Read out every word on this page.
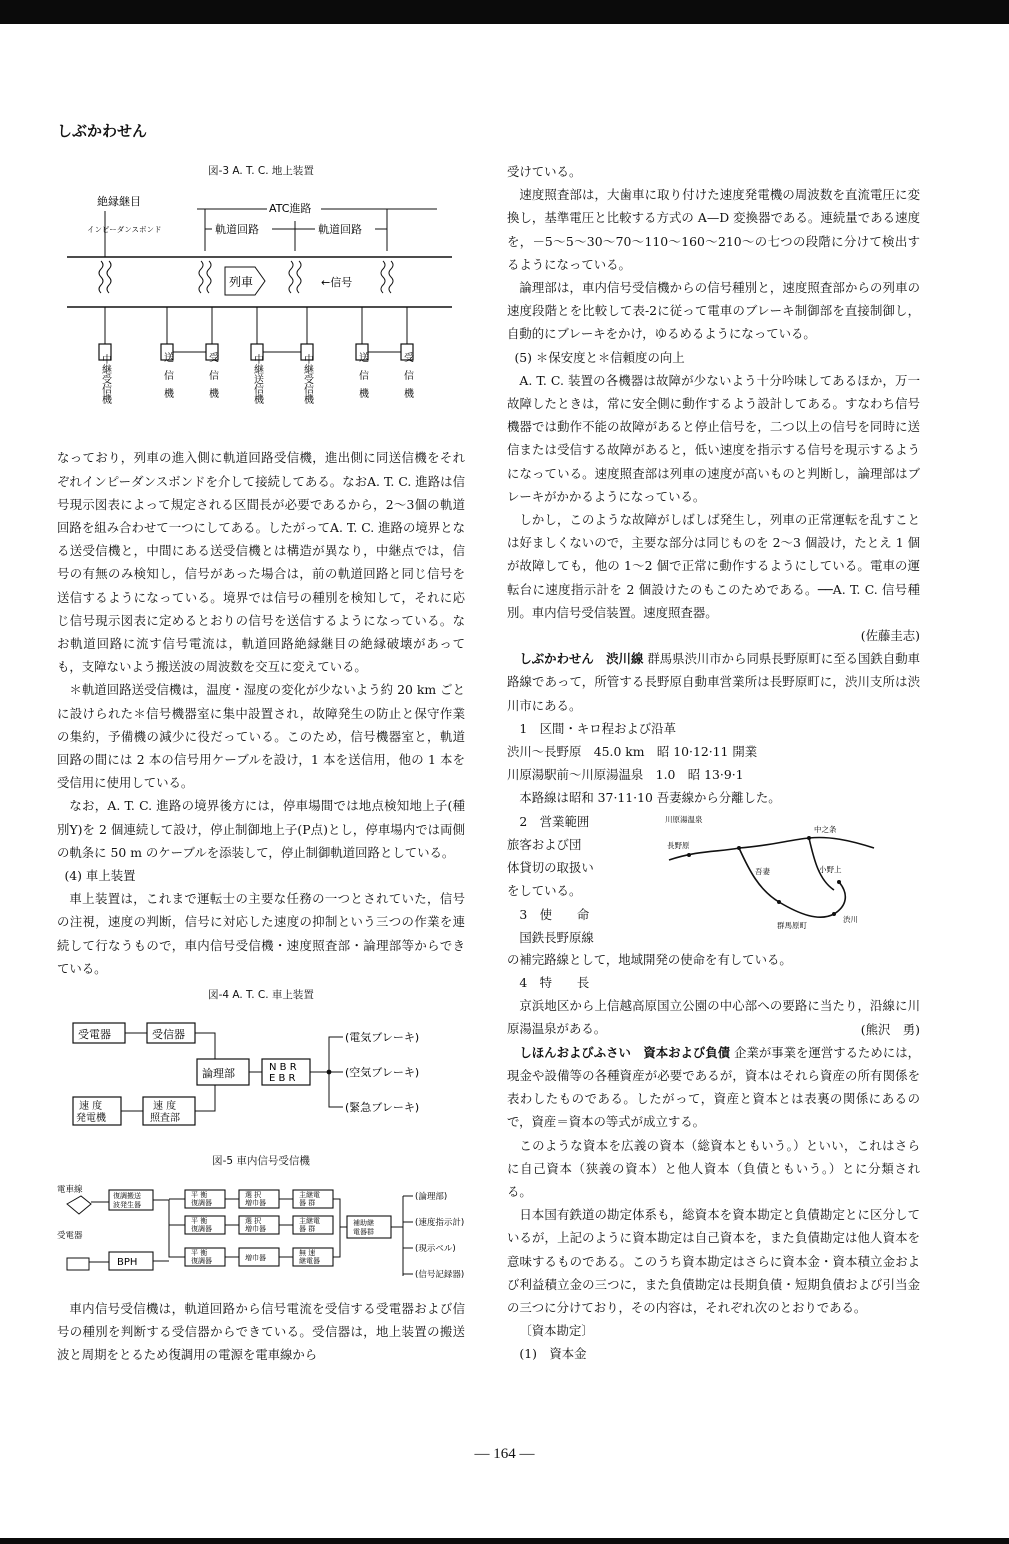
しぶかわせん
図-3 A. T. C. 地上装置
絶縁継目
インピーダンスボンド
ATC進路
軌道回路	軌道回路
列車	←信号
中継受信機	送信機	受信機	中継送信機	中継受信機	送信機	受信機

なっており，列車の進入側に軌道回路受信機，進出側に同送信機をそれぞれインピーダンスボンドを介して接続してある。なおA. T. C. 進路は信号現示図表によって規定される区間長が必要であるから，2～3個の軌道回路を組み合わせて一つにしてある。したがってA. T. C. 進路の境界となる送受信機と，中間にある送受信機とは構造が異なり，中継点では，信号の有無のみ検知し，信号があった場合は，前の軌道回路と同じ信号を送信するようになっている。境界では信号の種別を検知して，それに応じ信号現示図表に定めるとおりの信号を送信するようになっている。なお軌道回路に流す信号電流は，軌道回路絶縁継目の絶縁破壊があっても，支障ないよう搬送波の周波数を交互に変えている。

＊軌道回路送受信機は，温度・湿度の変化が少ないよう約 20 km ごとに設けられた＊信号機器室に集中設置され，故障発生の防止と保守作業の集約，予備機の減少に役だっている。このため，信号機器室と，軌道回路の間には 2 本の信号用ケーブルを設け，1 本を送信用，他の 1 本を受信用に使用している。

なお，A. T. C. 進路の境界後方には，停車場間では地点検知地上子(種別Y)を 2 個連続して設け，停止制御地上子(P点)とし，停車場内では両側の軌条に 50 m のケーブルを添装して，停止制御軌道回路としている。

(4) 車上装置

車上装置は，これまで運転士の主要な任務の一つとされていた，信号の注視，速度の判断，信号に対応した速度の抑制という三つの作業を連続して行なうもので，車内信号受信機・速度照査部・論理部等からできている。

図-4 A. T. C. 車上装置
受電器	受信器
論理部	N B R
E B R
速 度
発電機
速 度
照査部
(電気ブレーキ)
(空気ブレーキ)
(緊急ブレーキ)
図-5 車内信号受信機
電車線
受電器
復調搬送
波発生器
平 衡
復調器
平 衡
復調器
平 衡
復調器
選 択
増巾器
選 択
増巾器
増巾器
主継電
器 群
主継電
器 群
無 速
継電器
補助継
電器群
BPH
(論理部)
(速度指示計)
(現示ベル)
(信号記録器)

車内信号受信機は，軌道回路から信号電流を受信する受電器および信号の種別を判断する受信器からできている。受信器は，地上装置の搬送波と周期をとるため復調用の電源を電車線から

受けている。

速度照査部は，大歯車に取り付けた速度発電機の周波数を直流電圧に変換し，基準電圧と比較する方式の A—D 変換器である。連続量である速度を，－5～5～30～70～110～160～210～の七つの段階に分けて検出するようになっている。

論理部は，車内信号受信機からの信号種別と，速度照査部からの列車の速度段階とを比較して表-2に従って電車のブレーキ制御部を直接制御し，自動的にブレーキをかけ，ゆるめるようになっている。

(5) ＊保安度と＊信頼度の向上

A. T. C. 装置の各機器は故障が少ないよう十分吟味してあるほか，万一故障したときは，常に安全側に動作するよう設計してある。すなわち信号機器では動作不能の故障があると停止信号を，二つ以上の信号を同時に送信または受信する故障があると，低い速度を指示する信号を現示するようになっている。速度照査部は列車の速度が高いものと判断し，論理部はブレーキがかかるようになっている。

しかし，このような故障がしばしば発生し，列車の正常運転を乱すことは好ましくないので，主要な部分は同じものを 2～3 個設け，たとえ 1 個が故障しても，他の 1～2 個で正常に動作するようにしている。電車の運転台に速度指示計を 2 個設けたのもこのためである。──A. T. C. 信号種別。車内信号受信装置。速度照査器。

(佐藤圭志)

しぶかわせん　渋川線 群馬県渋川市から同県長野原町に至る国鉄自動車路線であって，所管する長野原自動車営業所は長野原町に，渋川支所は渋川市にある。

1　区間・キロ程および沿革

渋川～長野原　45.0 km　昭 10·12·11 開業

川原湯駅前～川原湯温泉　1.0　昭 13·9·1

本路線は昭和 37·11·10 吾妻線から分離した。

2　営業範囲

旅客および団

体貸切の取扱い

をしている。

3　使　　命

国鉄長野原線

長野原
中之条
渋川
小野上
吾妻
群馬原町
川原湯温泉

の補完路線として，地域開発の使命を有している。

4　特　　長

京浜地区から上信越高原国立公園の中心部への要路に当たり，沿線に川原湯温泉がある。	(熊沢　勇)

しほんおよびふさい　資本および負債 企業が事業を運営するためには，現金や設備等の各種資産が必要であるが，資本はそれら資産の所有関係を表わしたものである。したがって，資産と資本とは表裏の関係にあるので，資産＝資本の等式が成立する。

このような資本を広義の資本（総資本ともいう。）といい，これはさらに自己資本（狭義の資本）と他人資本（負債ともいう。）とに分類される。

日本国有鉄道の勘定体系も，総資本を資本勘定と負債勘定とに区分しているが，上記のように資本勘定は自己資本を，また負債勘定は他人資本を意味するものである。このうち資本勘定はさらに資本金・資本積立金および利益積立金の三つに，また負債勘定は長期負債・短期負債および引当金の三つに分けており，その内容は，それぞれ次のとおりである。

〔資本勘定〕

(1)　資本金

— 164 —
